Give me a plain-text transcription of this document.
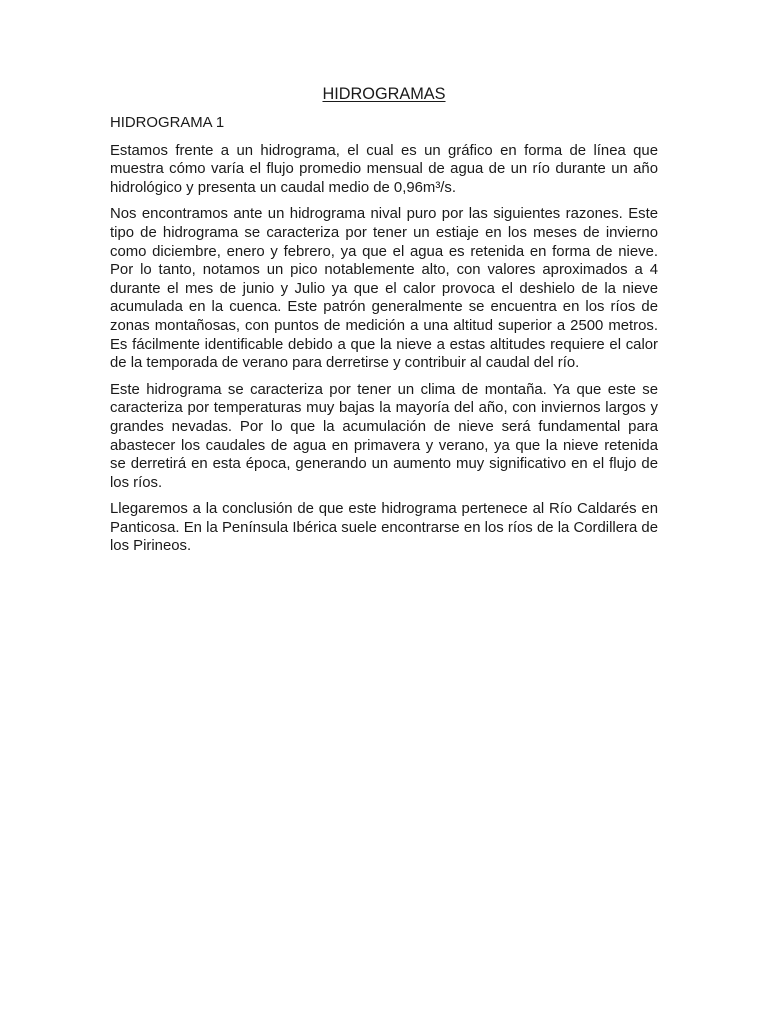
HIDROGRAMAS
HIDROGRAMA 1

Estamos frente a un hidrograma, el cual es un gráfico en forma de línea que muestra cómo varía el flujo promedio mensual de agua de un río durante un año hidrológico y presenta un caudal medio de 0,96m³/s.

Nos encontramos ante un hidrograma nival puro por las siguientes razones. Este tipo de hidrograma se caracteriza por tener un estiaje en los meses de invierno como diciembre, enero y febrero, ya que el agua es retenida en forma de nieve. Por lo tanto, notamos un pico notablemente alto, con valores aproximados a 4 durante el mes de junio y Julio ya que el calor provoca el deshielo de la nieve acumulada en la cuenca. Este patrón generalmente se encuentra en los ríos de zonas montañosas, con puntos de medición a una altitud superior a 2500 metros. Es fácilmente identificable debido a que la nieve a estas altitudes requiere el calor de la temporada de verano para derretirse y contribuir al caudal del río.

Este hidrograma se caracteriza por tener un clima de montaña. Ya que este se caracteriza por temperaturas muy bajas la mayoría del año, con inviernos largos y grandes nevadas. Por lo que la acumulación de nieve será fundamental para abastecer los caudales de agua en primavera y verano, ya que la nieve retenida se derretirá en esta época, generando un aumento muy significativo en el flujo de los ríos.

Llegaremos a la conclusión de que este hidrograma pertenece al Río Caldarés en Panticosa. En la Península Ibérica suele encontrarse en los ríos de la Cordillera de los Pirineos.
